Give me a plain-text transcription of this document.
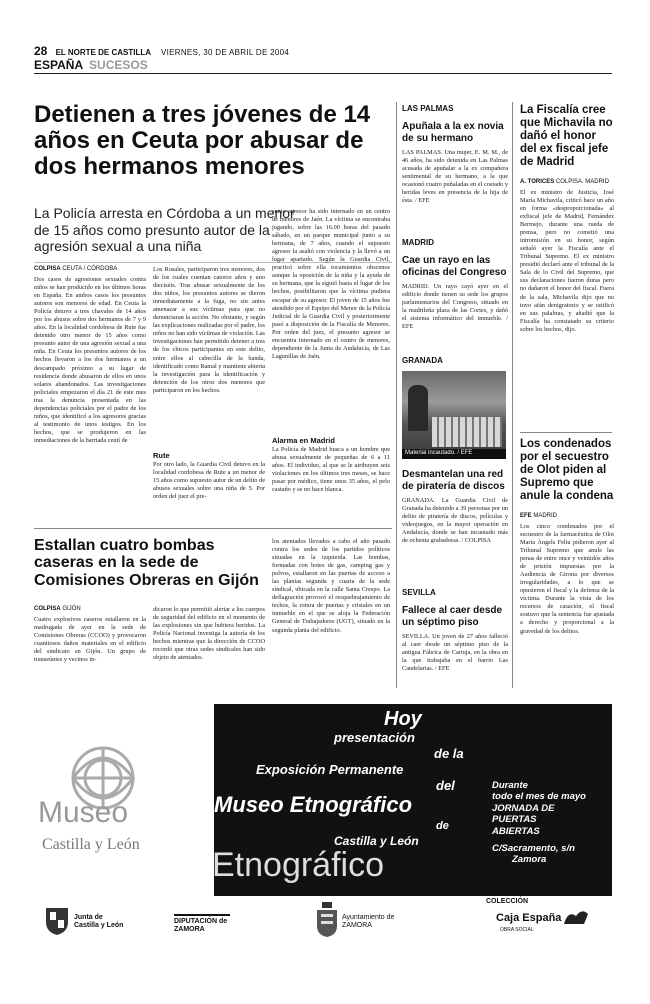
28 EL NORTE DE CASTILLA VIERNES, 30 DE ABRIL DE 2004
ESPAÑA SUCESOS
Detienen a tres jóvenes de 14 años en Ceuta por abusar de dos hermanos menores
La Policía arresta en Córdoba a un menor de 15 años como presunto autor de la agresión sexual a una niña
COLPISA CEUTA / CÓRDOBA
Dos casos de agresiones sexuales contra niños se han producido en los últimos horas en España. En ambos casos los presuntos autores son menores de edad. En Ceuta la Policía detuvo a tres chavales de 14 años por los abusos sobre dos hermanos de 7 y 9 años. En la localidad cordobesa de Rute fue detenido otro menor de 15 años como presunto autor de una agresión sexual a una niña. En Ceuta los presuntos autores de los hechos llevaron a los dos hermanos a un descampado próximo a su lugar de residencia donde abusaron de ellos en unos solares abandonados. Las investigaciones policiales empezaron el día 21 de este mes tras la denuncia presentada en las dependencias policiales por el padre de los niños, que identificó a los agresores gracias al testimonio de unos testigos. En los hechos, que se produjeron en las inmediaciones de la barriada ceutí de
Los Rosales, participaron tres menores, dos de los cuales cuentan catorce años y uno dieciséis. Tras abusar sexualmente de los dos niños, los presuntos autores se dieron inmediatamente a la fuga, no sin antes amenazar a sus víctimas para que no denunciaran la acción. No obstante, y según las explicaciones realizadas por el padre, los niños no han sido víctimas de violación. Las investigaciones han permitido detener a tres de los chicos participantes en este delito, entre ellos al cabecilla de la banda, identificado como Ramal y mantiene abierta la investigación para la identificación y detención de los otros dos menores que participaron en los hechos.
Rute
Por otro lado, la Guardia Civil detuvo en la localidad cordobesa de Rute a un menor de 15 años como supuesto autor de un delito de abusos sexuales sobre una niña de 5. Por orden del juez el pre-
sunto agresor ha sido internado en un centro de menores de Jaén. La víctima se encontraba jugando, sobre las 16.00 horas del pasado sábado, en un parque municipal junto a su hermana, de 7 años, cuando el supuesto agresor la asaltó con violencia y la llevó a un lugar apartado. Según la Guardia Civil, practicó sobre ella tocamientos obscenos aunque la oposición de la niña y la ayuda de su hermana, que la siguió hasta el lugar de los hechos, posibilitaron que la víctima pudiera escapar de su agresor. El joven de 15 años fue atendido por el Equipo del Menor de la Policía Judicial de la Guardia Civil y posteriormente pasó a disposición de la Fiscalía de Menores. Por orden del juez, el presunto agresor se encuentra internado en el centro de menores, dependiente de la Junta de Andalucía, de Las Lagunillas de Jaén.
Alarma en Madrid
La Policía de Madrid busca a un hombre que abusa sexualmente de pequeñas de 6 a 11 años. El individuo, al que se le atribuyen seis violaciones en los últimos tres meses, se hace pasar por médico, tiene unos 35 años, el pelo castaño y se no hace blanca.
Estallan cuatro bombas caseras en la sede de Comisiones Obreras en Gijón
COLPISA GIJÓN
Cuatro explosivos caseros estallaron en la madrugada de ayer en la sede de Comisiones Obreras (CCOO) y provocaron cuantiosos daños materiales en el edificio del sindicato en Gijón. Un grupo de transeúntes y vecinos in-
dicaron lo que permitió alertar a los cuerpos de seguridad del edificio en el momento de las explosiones sin que hubiera heridos. La Policía Nacional investiga la autoría de los hechos mientras que la dirección de CCOO recordó que otras sedes sindicales han sido objeto de atentados.
los atentados llevados a cabo el año pasado contra los sedes de los partidos políticos situadas en la izquierda. Las bombas, formadas con botes de gas, camping gas y polvos, estallaron en las puertas de acceso a las plantas segunda y cuarta de la sede sindical, ubicada en la calle Santa Crespo. La deflagración provocó el resquebrajamiento de techos, la rotura de puertas y cristales en un inmueble en el que se aloja la Federación General de Trabajadores (UGT), situado en la segunda planta del edificio.
LAS PALMAS
Apuñala a la ex novia de su hermano
LAS PALMAS. Una mujer, E. M. M., de 46 años, ha sido detenida en Las Palmas acusada de apuñalar a la ex compañera sentimental de su hermano, a la que ocasionó cuatro puñaladas en el costado y heridas leves en presencia de la hija de ésta. / EFE
MADRID
Cae un rayo en las oficinas del Congreso
MADRID. Un rayo cayó ayer en el edificio donde tienen su sede los grupos parlamentarios del Congreso, situado en la madrileña plaza de las Cortes, y dañó el sistema informático del inmueble. / EFE
GRANADA
Material incautado. / EFE
Desmantelan una red de piratería de discos
GRANADA. La Guardia Civil de Granada ha detenido a 39 personas por un delito de piratería de discos, películas y videojuegos, en la mayor operación en Andalucía, donde se han incautado más de ochenta grabadoras. / COLPISA
SEVILLA
Fallece al caer desde un séptimo piso
SEVILLA. Un joven de 27 años falleció al caer desde un séptimo piso de la antigua Fábrica de Cartuja, en la obra en la que trabajaba en el barrio Las Candelarias. / EFE
La Fiscalía cree que Michavila no dañó el honor del ex fiscal jefe de Madrid
A. TORICES COLPISA. MADRID
El ex ministro de Justicia, José María Michavila, criticó hace un año en forma «desproporcionada» al exfiscal jefe de Madrid, Fernández Bermejo, durante una rueda de prensa, pero no cometió una intromisión en su honor, según señaló ayer la Fiscalía ante el Tribunal Supremo. El ex ministro presidió declaró ante el tribunal de la Sala de lo Civil del Supremo, que sus declaraciones fueron duras pero no dañaron el honor del fiscal. Fuera de la sala, Michavila dijo que no tuvo afán denigratorio y se ratificó en sus palabras, y añadió que la Fiscalía ha constatado su criterio sobre los hechos, dijo.
Los condenados por el secuestro de Olot piden al Supremo que anule la condena
EFE MADRID
Los cinco condenados por el secuestro de la farmacéutica de Olot María Àngels Feliu pidieron ayer al Tribunal Supremo que anule las penas de entre once y veintidós años de prisión impuestas por la Audiencia de Girona por diversos irregularidades, a lo que se opusieron el fiscal y la defensa de la víctima. Durante la vista de los recursos de casación, el fiscal sostuvo que la sentencia fue ajustada a derecho y proporcional a la gravedad de los delitos.
Museo
Castilla y León
Hoy
presentación
de la
Exposición Permanente
del
Museo Etnográfico
de
Castilla y León
Etnográfico
Durante
todo el mes de mayo
JORNADA DE
PUERTAS
ABIERTAS
C/Sacramento, s/n
Zamora
Junta de Castilla y León
DIPUTACIÓN de ZAMORA
Ayuntamiento de ZAMORA
COLECCIÓN
Caja España
OBRA SOCIAL
